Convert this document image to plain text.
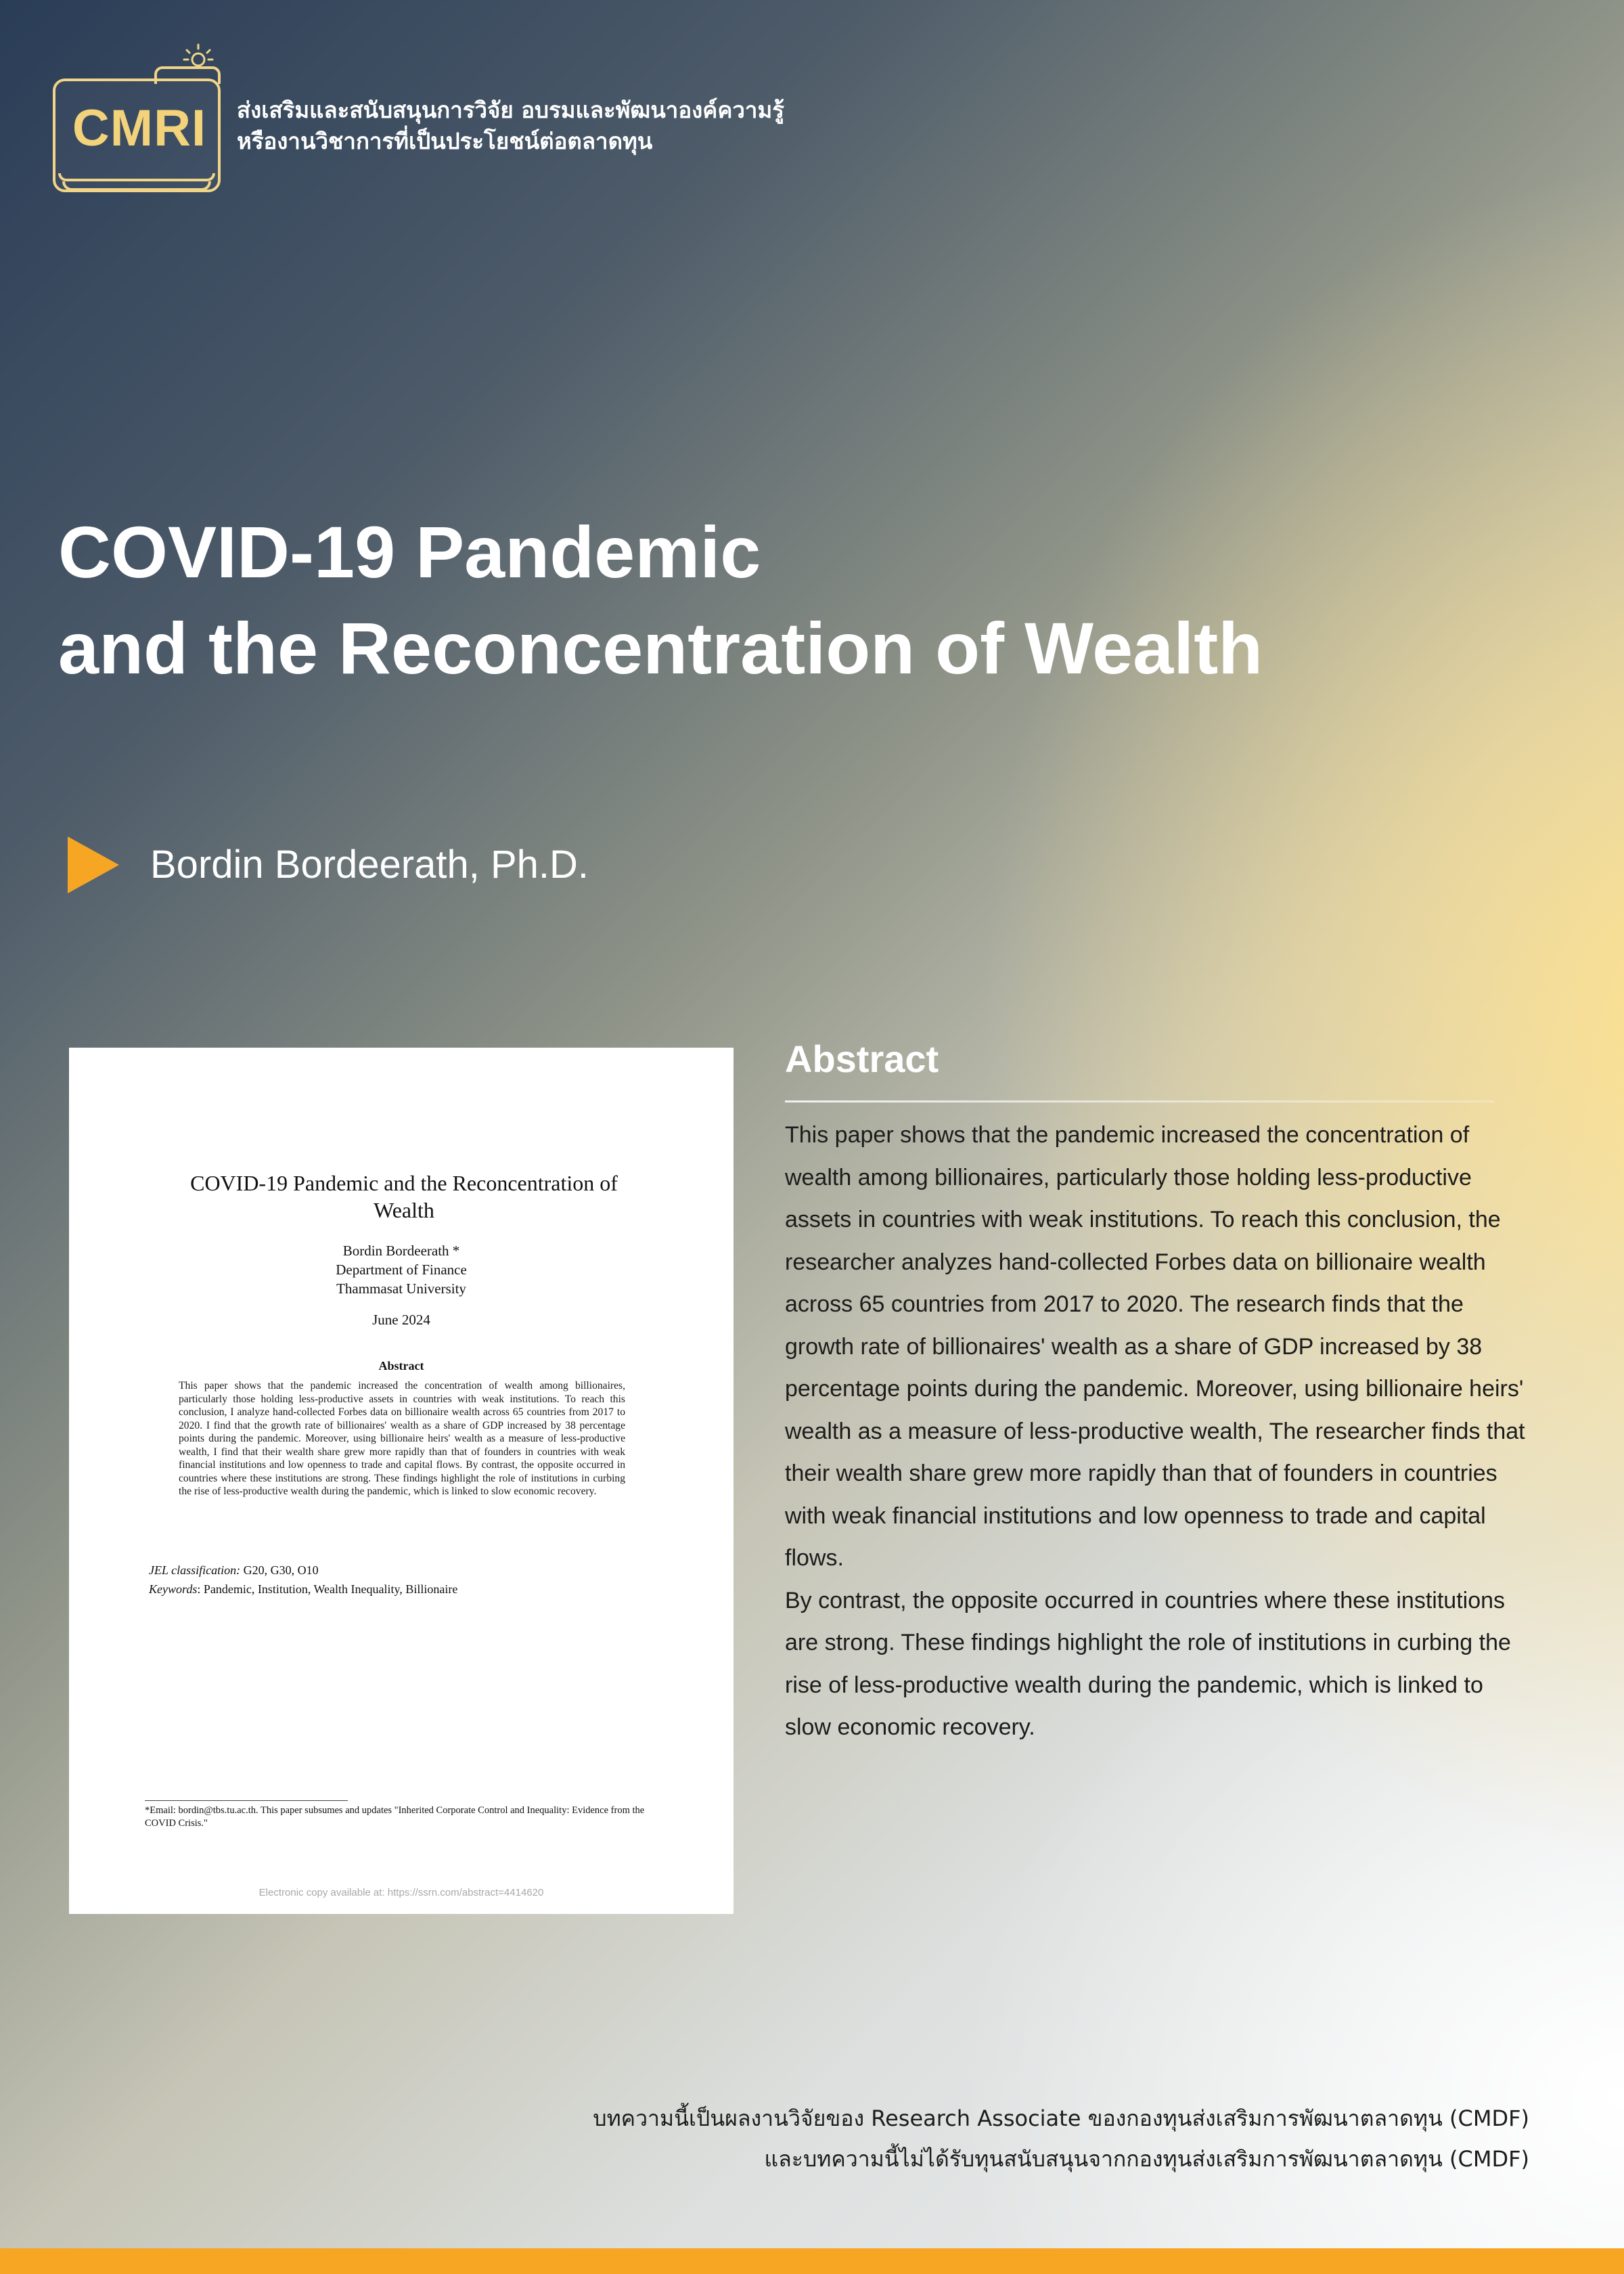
CMRI	ส่งเสริมและสนับสนุนการวิจัย อบรมและพัฒนาองค์ความรู้
หรืองานวิชาการที่เป็นประโยชน์ต่อตลาดทุน
COVID-19 Pandemic
and the Reconcentration of Wealth
Bordin Bordeerath, Ph.D.
COVID-19 Pandemic and the Reconcentration of Wealth
Bordin Bordeerath *
Department of Finance
Thammasat University
June 2024
Abstract
This paper shows that the pandemic increased the concentration of wealth among billionaires, particularly those holding less-productive assets in countries with weak institutions. To reach this conclusion, I analyze hand-collected Forbes data on billionaire wealth across 65 countries from 2017 to 2020. I find that the growth rate of billionaires' wealth as a share of GDP increased by 38 percentage points during the pandemic. Moreover, using billionaire heirs' wealth as a measure of less-productive wealth, I find that their wealth share grew more rapidly than that of founders in countries with weak financial institutions and low openness to trade and capital flows. By contrast, the opposite occurred in countries where these institutions are strong. These findings highlight the role of institutions in curbing the rise of less-productive wealth during the pandemic, which is linked to slow economic recovery.
JEL classification: G20, G30, O10
Keywords: Pandemic, Institution, Wealth Inequality, Billionaire
*Email: bordin@tbs.tu.ac.th. This paper subsumes and updates "Inherited Corporate Control and Inequality: Evidence from the COVID Crisis."
Electronic copy available at: https://ssrn.com/abstract=4414620
Abstract

This paper shows that the pandemic increased the concentration of wealth among billionaires, particularly those holding less-productive assets in countries with weak institutions. To reach this conclusion, the researcher analyzes hand-collected Forbes data on billionaire wealth across 65 countries from 2017 to 2020. The research finds that the growth rate of billionaires' wealth as a share of GDP increased by 38 percentage points during the pandemic. Moreover, using billionaire heirs' wealth as a measure of less-productive wealth, The researcher finds that their wealth share grew more rapidly than that of founders in countries with weak financial institutions and low openness to trade and capital flows.

By contrast, the opposite occurred in countries where these institutions are strong. These findings highlight the role of institutions in curbing the rise of less-productive wealth during the pandemic, which is linked to slow economic recovery.

บทความนี้เป็นผลงานวิจัยของ Research Associate ของกองทุนส่งเสริมการพัฒนาตลาดทุน (CMDF)
และบทความนี้ไม่ได้รับทุนสนับสนุนจากกองทุนส่งเสริมการพัฒนาตลาดทุน (CMDF)
